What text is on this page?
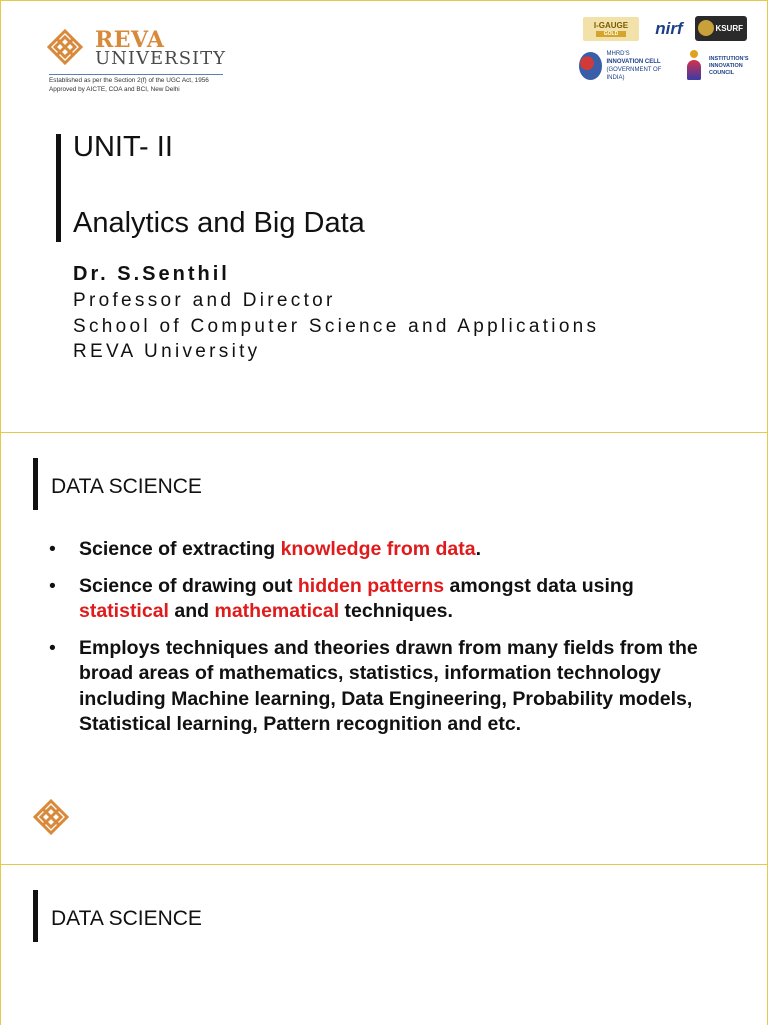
REVA
UNIVERSITY
Established as per the Section 2(f) of the UGC Act, 1956
Approved by AICTE, COA and BCI, New Delhi
I-GAUGE
GOLD	nirf	KSURF
MHRD'S
INNOVATION CELL
(GOVERNMENT OF INDIA)
INSTITUTION'S
INNOVATION
COUNCIL
UNIT- II
Analytics and Big Data
Dr. S.Senthil
Professor and Director
School of Computer Science and Applications
REVA University
DATA SCIENCE
• Science of extracting knowledge from data.
• Science of drawing out hidden patterns amongst data using statistical and mathematical techniques.
• Employs techniques and theories drawn from many fields from the broad areas of mathematics, statistics, information technology including Machine learning, Data Engineering, Probability models, Statistical learning, Pattern recognition and etc.
DATA SCIENCE
